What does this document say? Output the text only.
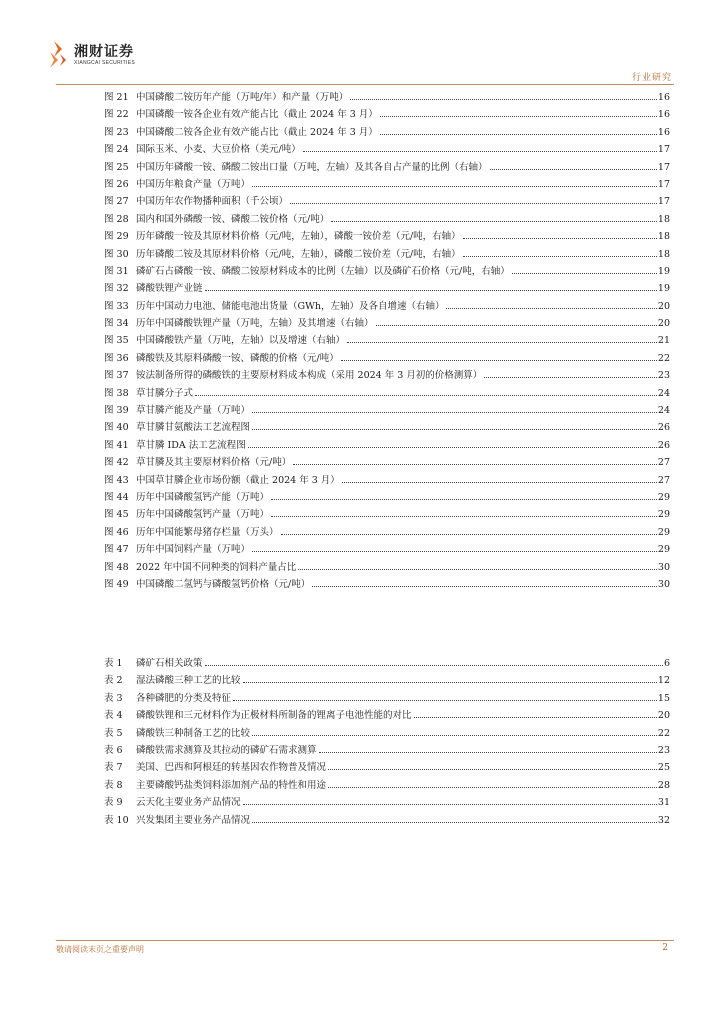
湘财证券
XIANGCAI SECURITIES
行业研究
图 21 中国磷酸二铵历年产能（万吨/年）和产量（万吨）	16
图 22 中国磷酸一铵各企业有效产能占比（截止 2024 年 3 月）	16
图 23 中国磷酸二铵各企业有效产能占比（截止 2024 年 3 月）	16
图 24 国际玉米、小麦、大豆价格（美元/吨）	17
图 25 中国历年磷酸一铵、磷酸二铵出口量（万吨，左轴）及其各自占产量的比例（右轴）	17
图 26 中国历年粮食产量（万吨）	17
图 27 中国历年农作物播种面积（千公顷）	17
图 28 国内和国外磷酸一铵、磷酸二铵价格（元/吨）	18
图 29 历年磷酸一铵及其原材料价格（元/吨，左轴），磷酸一铵价差（元/吨，右轴）	18
图 30 历年磷酸二铵及其原材料价格（元/吨，左轴），磷酸二铵价差（元/吨，右轴）	18
图 31 磷矿石占磷酸一铵、磷酸二铵原材料成本的比例（左轴）以及磷矿石价格（元/吨，右轴）	19
图 32 磷酸铁锂产业链	19
图 33 历年中国动力电池、储能电池出货量（GWh，左轴）及各自增速（右轴）	20
图 34 历年中国磷酸铁锂产量（万吨，左轴）及其增速（右轴）	20
图 35 中国磷酸铁产量（万吨，左轴）以及增速（右轴）	21
图 36 磷酸铁及其原料磷酸一铵、磷酸的价格（元/吨）	22
图 37 铵法制备所得的磷酸铁的主要原材料成本构成（采用 2024 年 3 月初的价格测算）	23
图 38 草甘膦分子式	24
图 39 草甘膦产能及产量（万吨）	24
图 40 草甘膦甘氨酸法工艺流程图	26
图 41 草甘膦 IDA 法工艺流程图	26
图 42 草甘膦及其主要原材料价格（元/吨）	27
图 43 中国草甘膦企业市场份额（截止 2024 年 3 月）	27
图 44 历年中国磷酸氢钙产能（万吨）	29
图 45 历年中国磷酸氢钙产量（万吨）	29
图 46 历年中国能繁母猪存栏量（万头）	29
图 47 历年中国饲料产量（万吨）	29
图 48 2022 年中国不同种类的饲料产量占比	30
图 49 中国磷酸二氢钙与磷酸氢钙价格（元/吨）	30
表 1	磷矿石相关政策	6
表 2	湿法磷酸三种工艺的比较	12
表 3	各种磷肥的分类及特征	15
表 4	磷酸铁锂和三元材料作为正极材料所制备的锂离子电池性能的对比	20
表 5	磷酸铁三种制备工艺的比较	22
表 6	磷酸铁需求测算及其拉动的磷矿石需求测算	23
表 7	美国、巴西和阿根廷的转基因农作物普及情况	25
表 8	主要磷酸钙盐类饲料添加剂产品的特性和用途	28
表 9	云天化主要业务产品情况	31
表 10 兴发集团主要业务产品情况	32
敬请阅读末页之重要声明	2
